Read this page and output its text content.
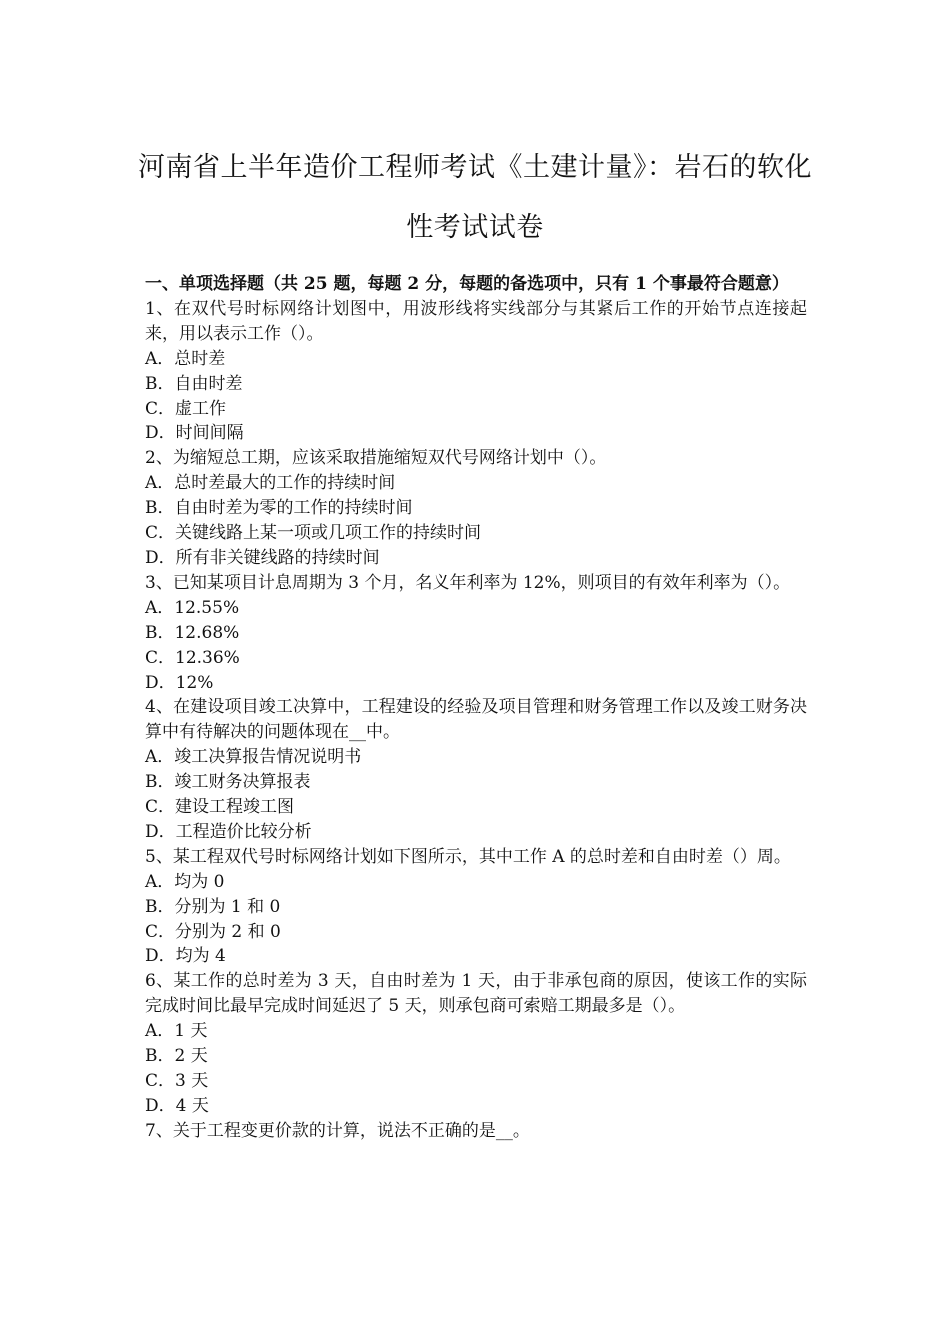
河南省上半年造价工程师考试《土建计量》：岩石的软化
性考试试卷

一、单项选择题（共 25 题，每题 2 分，每题的备选项中，只有 1 个事最符合题意）

1、在双代号时标网络计划图中，用波形线将实线部分与其紧后工作的开始节点连接起来，用以表示工作（）。

A．总时差

B．自由时差

C．虚工作

D．时间间隔

2、为缩短总工期，应该采取措施缩短双代号网络计划中（）。

A．总时差最大的工作的持续时间

B．自由时差为零的工作的持续时间

C．关键线路上某一项或几项工作的持续时间

D．所有非关键线路的持续时间

3、已知某项目计息周期为 3 个月，名义年利率为 12%，则项目的有效年利率为（）。

A．12.55%

B．12.68%

C．12.36%

D．12%

4、在建设项目竣工决算中，工程建设的经验及项目管理和财务管理工作以及竣工财务决算中有待解决的问题体现在__中。

A．竣工决算报告情况说明书

B．竣工财务决算报表

C．建设工程竣工图

D．工程造价比较分析

5、某工程双代号时标网络计划如下图所示，其中工作 A 的总时差和自由时差（）周。

A．均为 0

B．分别为 1 和 0

C．分别为 2 和 0

D．均为 4

6、某工作的总时差为 3 天，自由时差为 1 天，由于非承包商的原因，使该工作的实际完成时间比最早完成时间延迟了 5 天，则承包商可索赔工期最多是（）。

A．1 天

B．2 天

C．3 天

D．4 天

7、关于工程变更价款的计算，说法不正确的是__。
